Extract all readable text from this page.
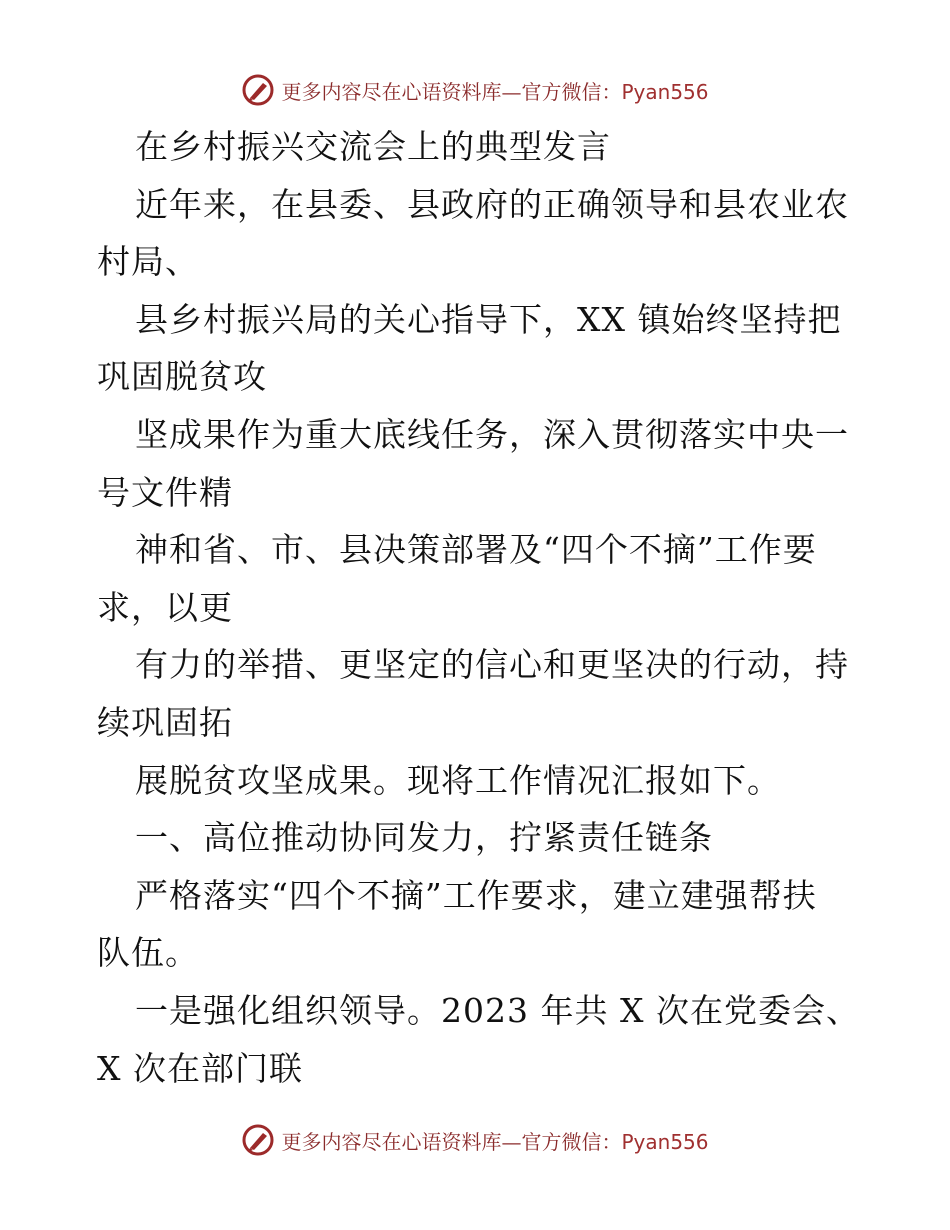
更多内容尽在心语资料库—官方微信：Pyan556
在乡村振兴交流会上的典型发言
近年来，在县委、县政府的正确领导和县农业农
村局、
县乡村振兴局的关心指导下，XX 镇始终坚持把
巩固脱贫攻
坚成果作为重大底线任务，深入贯彻落实中央一
号文件精
神和省、市、县决策部署及“四个不摘”工作要
求，以更
有力的举措、更坚定的信心和更坚决的行动，持
续巩固拓
展脱贫攻坚成果。现将工作情况汇报如下。
一、高位推动协同发力，拧紧责任链条
严格落实“四个不摘”工作要求，建立建强帮扶
队伍。
一是强化组织领导。2023 年共 X 次在党委会、
X 次在部门联
更多内容尽在心语资料库—官方微信：Pyan556
